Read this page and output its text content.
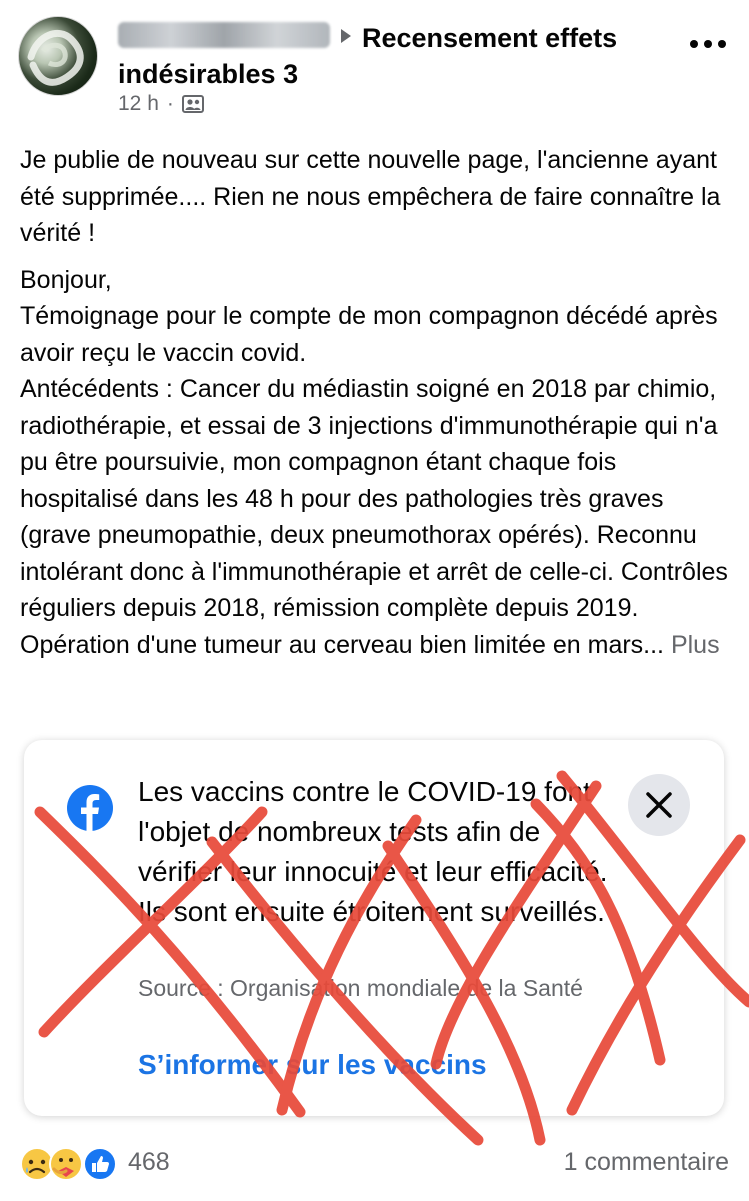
Recensement effets indésirables 3
12 h ·

Je publie de nouveau sur cette nouvelle page, l'ancienne ayant été supprimée.... Rien ne nous empêchera de faire connaître la vérité !

Bonjour,
Témoignage pour le compte de mon compagnon décédé après avoir reçu le vaccin covid.
Antécédents : Cancer du médiastin soigné en 2018 par chimio, radiothérapie, et essai de 3 injections d'immunothérapie qui n'a pu être poursuivie, mon compagnon étant chaque fois hospitalisé dans les 48 h pour des pathologies très graves (grave pneumopathie, deux pneumothorax opérés). Reconnu intolérant donc à l'immunothérapie et arrêt de celle-ci. Contrôles réguliers depuis 2018, rémission complète depuis 2019. Opération d'une tumeur au cerveau bien limitée en mars... Plus

Les vaccins contre le COVID-19 font l'objet de nombreux tests afin de vérifier leur innocuité et leur efficacité. Ils sont ensuite étroitement surveillés.
Source : Organisation mondiale de la Santé
S’informer sur les vaccins
468	1 commentaire
